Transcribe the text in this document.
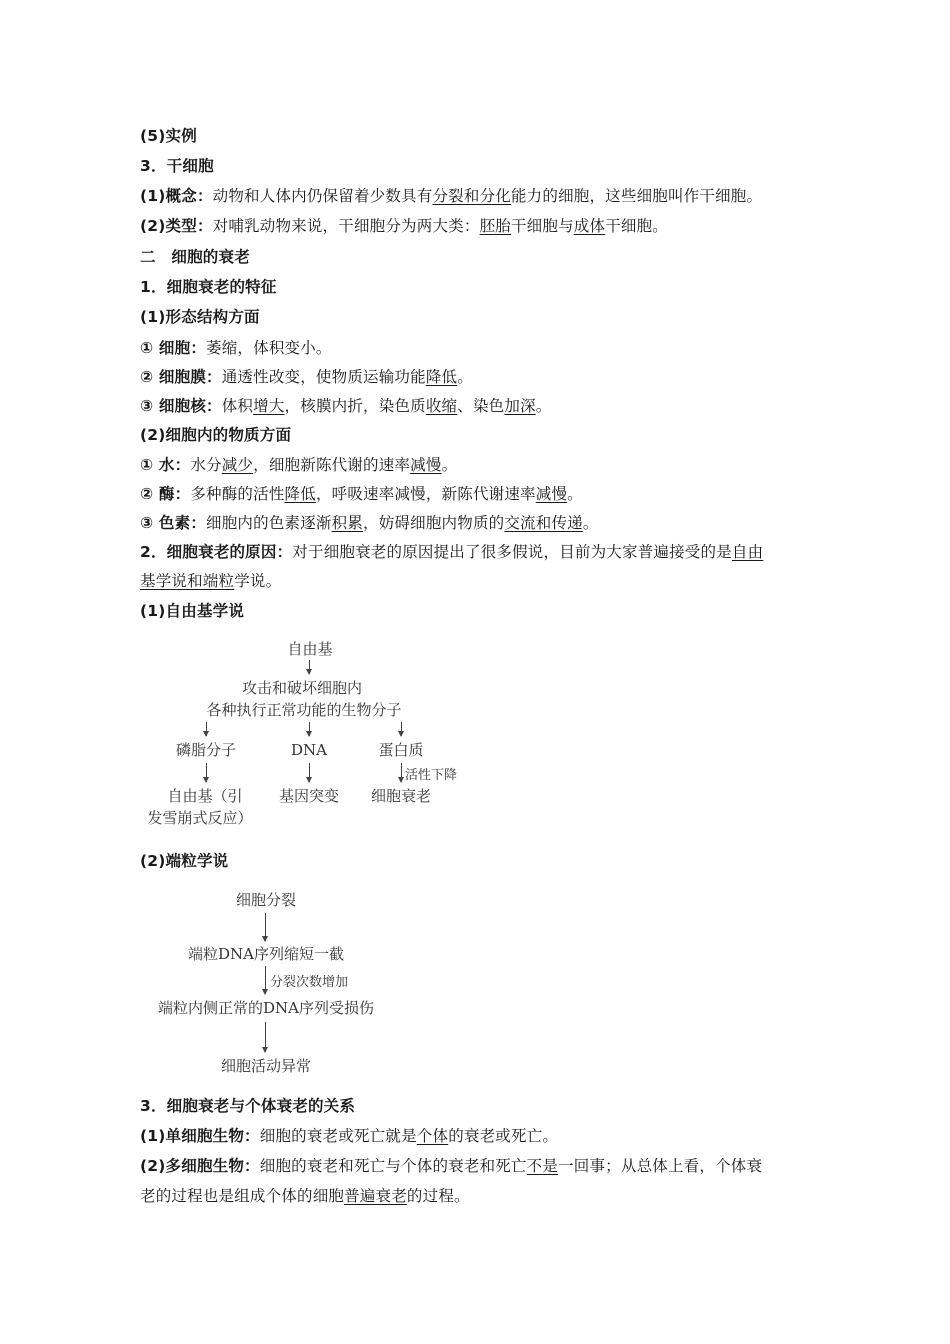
(5)实例
3．干细胞
(1)概念：动物和人体内仍保留着少数具有分裂和分化能力的细胞，这些细胞叫作干细胞。
(2)类型：对哺乳动物来说，干细胞分为两大类：胚胎干细胞与成体干细胞。
二　细胞的衰老
1．细胞衰老的特征
(1)形态结构方面
① 细胞：萎缩，体积变小。
② 细胞膜：通透性改变，使物质运输功能降低。
③ 细胞核：体积增大，核膜内折，染色质收缩、染色加深。
(2)细胞内的物质方面
① 水：水分减少，细胞新陈代谢的速率减慢。
② 酶：多种酶的活性降低，呼吸速率减慢，新陈代谢速率减慢。
③ 色素：细胞内的色素逐渐积累，妨碍细胞内物质的交流和传递。
2．细胞衰老的原因：对于细胞衰老的原因提出了很多假说，目前为大家普遍接受的是自由
基学说和端粒学说。
(1)自由基学说
自由基
攻击和破坏细胞内
各种执行正常功能的生物分子
磷脂分子	DNA	蛋白质
活性下降
自由基（引
发雪崩式反应）
基因突变 细胞衰老
(2)端粒学说
细胞分裂
端粒DNA序列缩短一截
分裂次数增加
端粒内侧正常的DNA序列受损伤
细胞活动异常
3．细胞衰老与个体衰老的关系
(1)单细胞生物：细胞的衰老或死亡就是个体的衰老或死亡。
(2)多细胞生物：细胞的衰老和死亡与个体的衰老和死亡不是一回事；从总体上看，个体衰
老的过程也是组成个体的细胞普遍衰老的过程。
